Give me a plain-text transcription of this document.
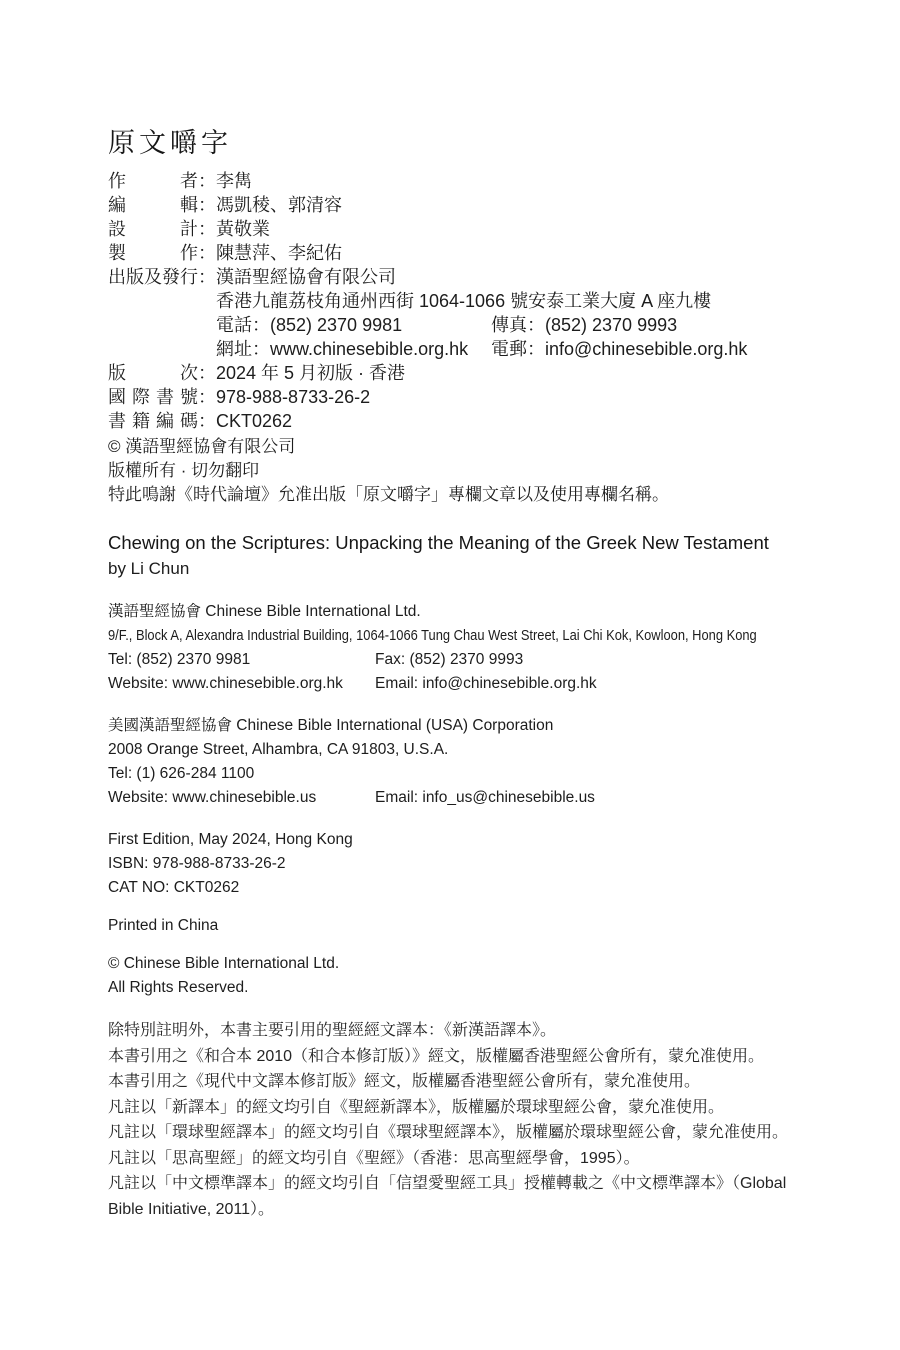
原文嚼字
作者 ： 李雋
編輯 ： 馮凱稜、郭清容
設計 ： 黃敬業
製作 ： 陳慧萍、李紀佑
出版及發行 ： 漢語聖經協會有限公司
香港九龍荔枝角通州西街 1064-1066 號安泰工業大廈 A 座九樓
電話：(852) 2370 9981	傳真：(852) 2370 9993
網址：www.chinesebible.org.hk	電郵：info@chinesebible.org.hk
版次 ： 2024 年 5 月初版 · 香港
國際書號 ： 978-988-8733-26-2
書籍編碼 ： CKT0262
© 漢語聖經協會有限公司
版權所有 · 切勿翻印
特此鳴謝《時代論壇》允准出版「原文嚼字」專欄文章以及使用專欄名稱。
Chewing on the Scriptures: Unpacking the Meaning of the Greek New Testament
by Li Chun
漢語聖經協會 Chinese Bible International Ltd.
9/F., Block A, Alexandra Industrial Building, 1064-1066 Tung Chau West Street, Lai Chi Kok, Kowloon, Hong Kong
Tel: (852) 2370 9981	Fax: (852) 2370 9993
Website: www.chinesebible.org.hk	Email: info@chinesebible.org.hk
美國漢語聖經協會 Chinese Bible International (USA) Corporation
2008 Orange Street, Alhambra, CA 91803, U.S.A.
Tel: (1) 626-284 1100
Website: www.chinesebible.us	Email: info_us@chinesebible.us
First Edition, May 2024, Hong Kong
ISBN: 978-988-8733-26-2
CAT NO: CKT0262
Printed in China
© Chinese Bible International Ltd.
All Rights Reserved.
除特別註明外，本書主要引用的聖經經文譯本：《新漢語譯本》。
本書引用之《和合本 2010（和合本修訂版）》經文，版權屬香港聖經公會所有，蒙允准使用。
本書引用之《現代中文譯本修訂版》經文，版權屬香港聖經公會所有，蒙允准使用。
凡註以「新譯本」的經文均引自《聖經新譯本》，版權屬於環球聖經公會，蒙允准使用。
凡註以「環球聖經譯本」的經文均引自《環球聖經譯本》，版權屬於環球聖經公會，蒙允准使用。
凡註以「思高聖經」的經文均引自《聖經》（香港：思高聖經學會，1995）。
凡註以「中文標準譯本」的經文均引自「信望愛聖經工具」授權轉載之《中文標準譯本》（Global Bible Initiative, 2011）。
